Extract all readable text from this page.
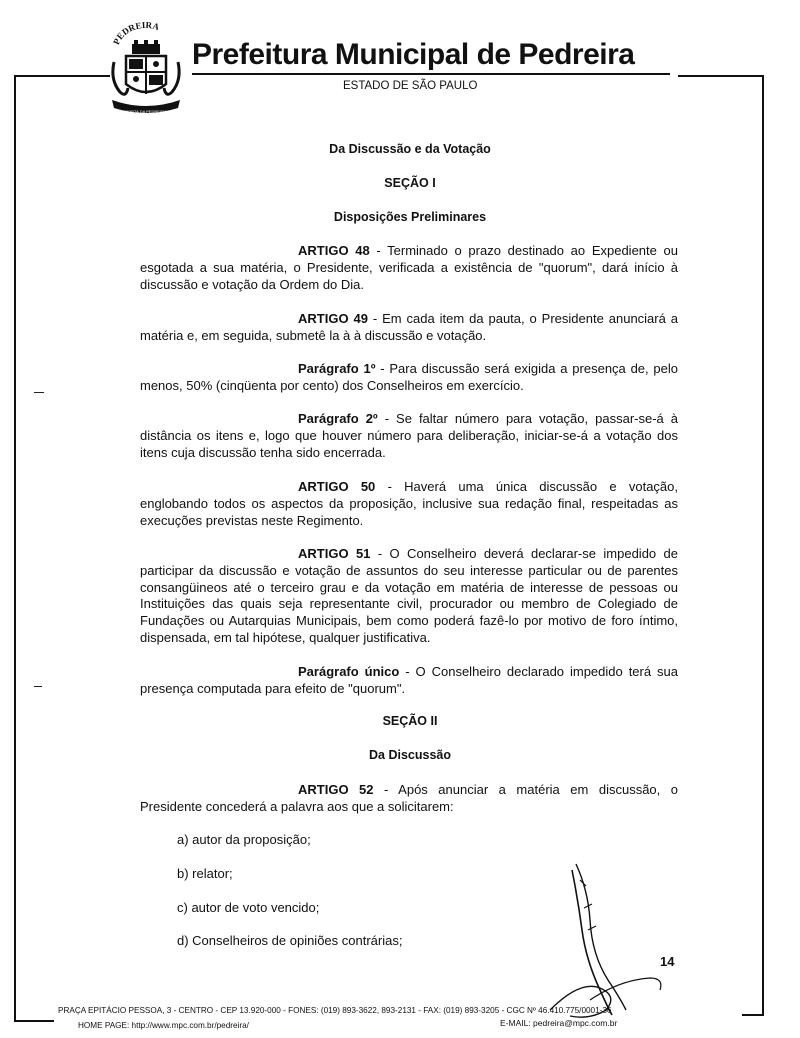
PEDREIRA
PORTA DA PEDREIRA
Prefeitura Municipal de Pedreira
ESTADO DE SÃO PAULO
Da Discussão e da Votação
SEÇÃO I
Disposições Preliminares
ARTIGO 48 - Terminado o prazo destinado ao Expediente ou esgotada a sua matéria, o Presidente, verificada a existência de "quorum", dará início à discussão e votação da Ordem do Dia.
ARTIGO 49 - Em cada item da pauta, o Presidente anunciará a matéria e, em seguida, submetê la à à discussão e votação.
Parágrafo 1º - Para discussão será exigida a presença de, pelo menos, 50% (cinqüenta por cento) dos Conselheiros em exercício.
Parágrafo 2º - Se faltar número para votação, passar-se-á à distância os itens e, logo que houver número para deliberação, iniciar-se-á a votação dos itens cuja discussão tenha sido encerrada.
ARTIGO 50 - Haverá uma única discussão e votação, englobando todos os aspectos da proposição, inclusive sua redação final, respeitadas as execuções previstas neste Regimento.
ARTIGO 51 - O Conselheiro deverá declarar-se impedido de participar da discussão e votação de assuntos do seu interesse particular ou de parentes consangüineos até o terceiro grau e da votação em matéria de interesse de pessoas ou Instituições das quais seja representante civil, procurador ou membro de Colegiado de Fundações ou Autarquias Municipais, bem como poderá fazê-lo por motivo de foro íntimo, dispensada, em tal hipótese, qualquer justificativa.
Parágrafo único - O Conselheiro declarado impedido terá sua presença computada para efeito de "quorum".
SEÇÃO II
Da Discussão
ARTIGO 52 - Após anunciar a matéria em discussão, o Presidente concederá a palavra aos que a solicitarem:
a) autor da proposição;
b) relator;
c) autor de voto vencido;
d) Conselheiros de opiniões contrárias;
14
PRAÇA EPITÁCIO PESSOA, 3 - CENTRO - CEP 13.920-000 - FONES: (019) 893-3622, 893-2131 - FAX: (019) 893-3205 - CGC Nº 46.410.775/0001-36
HOME PAGE: http://www.mpc.com.br/pedreira/	E-MAIL: pedreira@mpc.com.br
